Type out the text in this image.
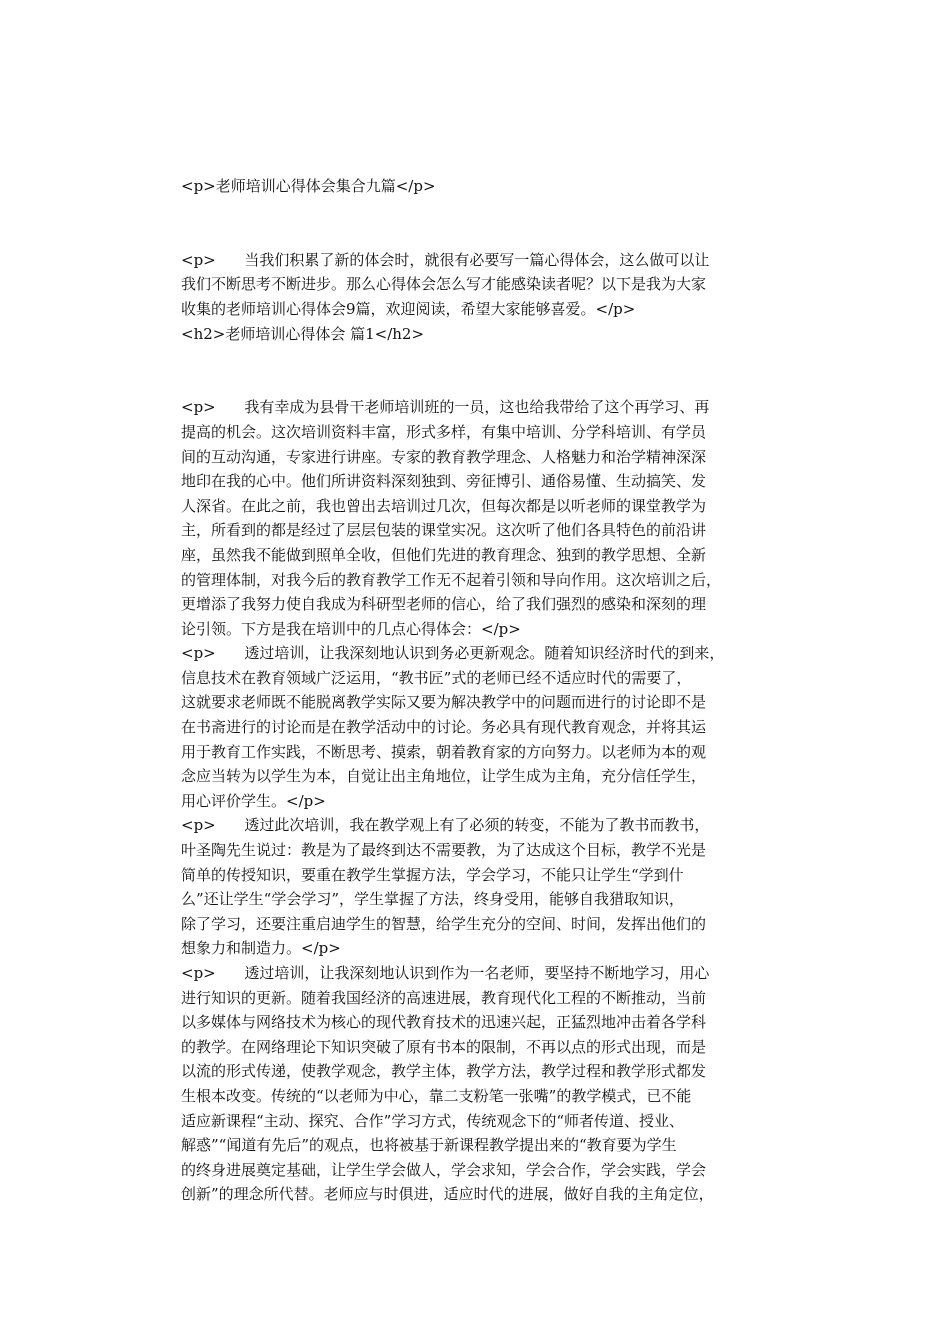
<p>老师培训心得体会集合九篇</p>
<p>      当我们积累了新的体会时，就很有必要写一篇心得体会，这么做可以让
我们不断思考不断进步。那么心得体会怎么写才能感染读者呢？以下是我为大家
收集的老师培训心得体会9篇，欢迎阅读，希望大家能够喜爱。</p>
<h2>老师培训心得体会 篇1</h2>
<p>      我有幸成为县骨干老师培训班的一员，这也给我带给了这个再学习、再
提高的机会。这次培训资料丰富，形式多样，有集中培训、分学科培训、有学员
间的互动沟通，专家进行讲座。专家的教育教学理念、人格魅力和治学精神深深
地印在我的心中。他们所讲资料深刻独到、旁征博引、通俗易懂、生动搞笑、发
人深省。在此之前，我也曾出去培训过几次，但每次都是以听老师的课堂教学为
主，所看到的都是经过了层层包装的课堂实况。这次听了他们各具特色的前沿讲
座，虽然我不能做到照单全收，但他们先进的教育理念、独到的教学思想、全新
的管理体制，对我今后的教育教学工作无不起着引领和导向作用。这次培训之后，
更增添了我努力使自我成为科研型老师的信心，给了我们强烈的感染和深刻的理
论引领。下方是我在培训中的几点心得体会：</p>
<p>      透过培训，让我深刻地认识到务必更新观念。随着知识经济时代的到来，
信息技术在教育领域广泛运用，“教书匠”式的老师已经不适应时代的需要了，
这就要求老师既不能脱离教学实际又要为解决教学中的问题而进行的讨论即不是
在书斋进行的讨论而是在教学活动中的讨论。务必具有现代教育观念，并将其运
用于教育工作实践，不断思考、摸索，朝着教育家的方向努力。以老师为本的观
念应当转为以学生为本，自觉让出主角地位，让学生成为主角，充分信任学生，
用心评价学生。</p>
<p>      透过此次培训，我在教学观上有了必须的转变，不能为了教书而教书，
叶圣陶先生说过：教是为了最终到达不需要教，为了达成这个目标，教学不光是
简单的传授知识，要重在教学生掌握方法，学会学习，不能只让学生“学到什
么”还让学生“学会学习”，学生掌握了方法，终身受用，能够自我猎取知识，
除了学习，还要注重启迪学生的智慧，给学生充分的空间、时间，发挥出他们的
想象力和制造力。</p>
<p>      透过培训，让我深刻地认识到作为一名老师，要坚持不断地学习，用心
进行知识的更新。随着我国经济的高速进展，教育现代化工程的不断推动，当前
以多媒体与网络技术为核心的现代教育技术的迅速兴起，正猛烈地冲击着各学科
的教学。在网络理论下知识突破了原有书本的限制，不再以点的形式出现，而是
以流的形式传递，使教学观念，教学主体，教学方法，教学过程和教学形式都发
生根本改变。传统的“以老师为中心，靠二支粉笔一张嘴”的教学模式，已不能
适应新课程“主动、探究、合作”学习方式，传统观念下的“师者传道、授业、
解惑”“闻道有先后”的观点，也将被基于新课程教学提出来的“教育要为学生
的终身进展奠定基础，让学生学会做人，学会求知，学会合作，学会实践，学会
创新”的理念所代替。老师应与时俱进，适应时代的进展，做好自我的主角定位，
